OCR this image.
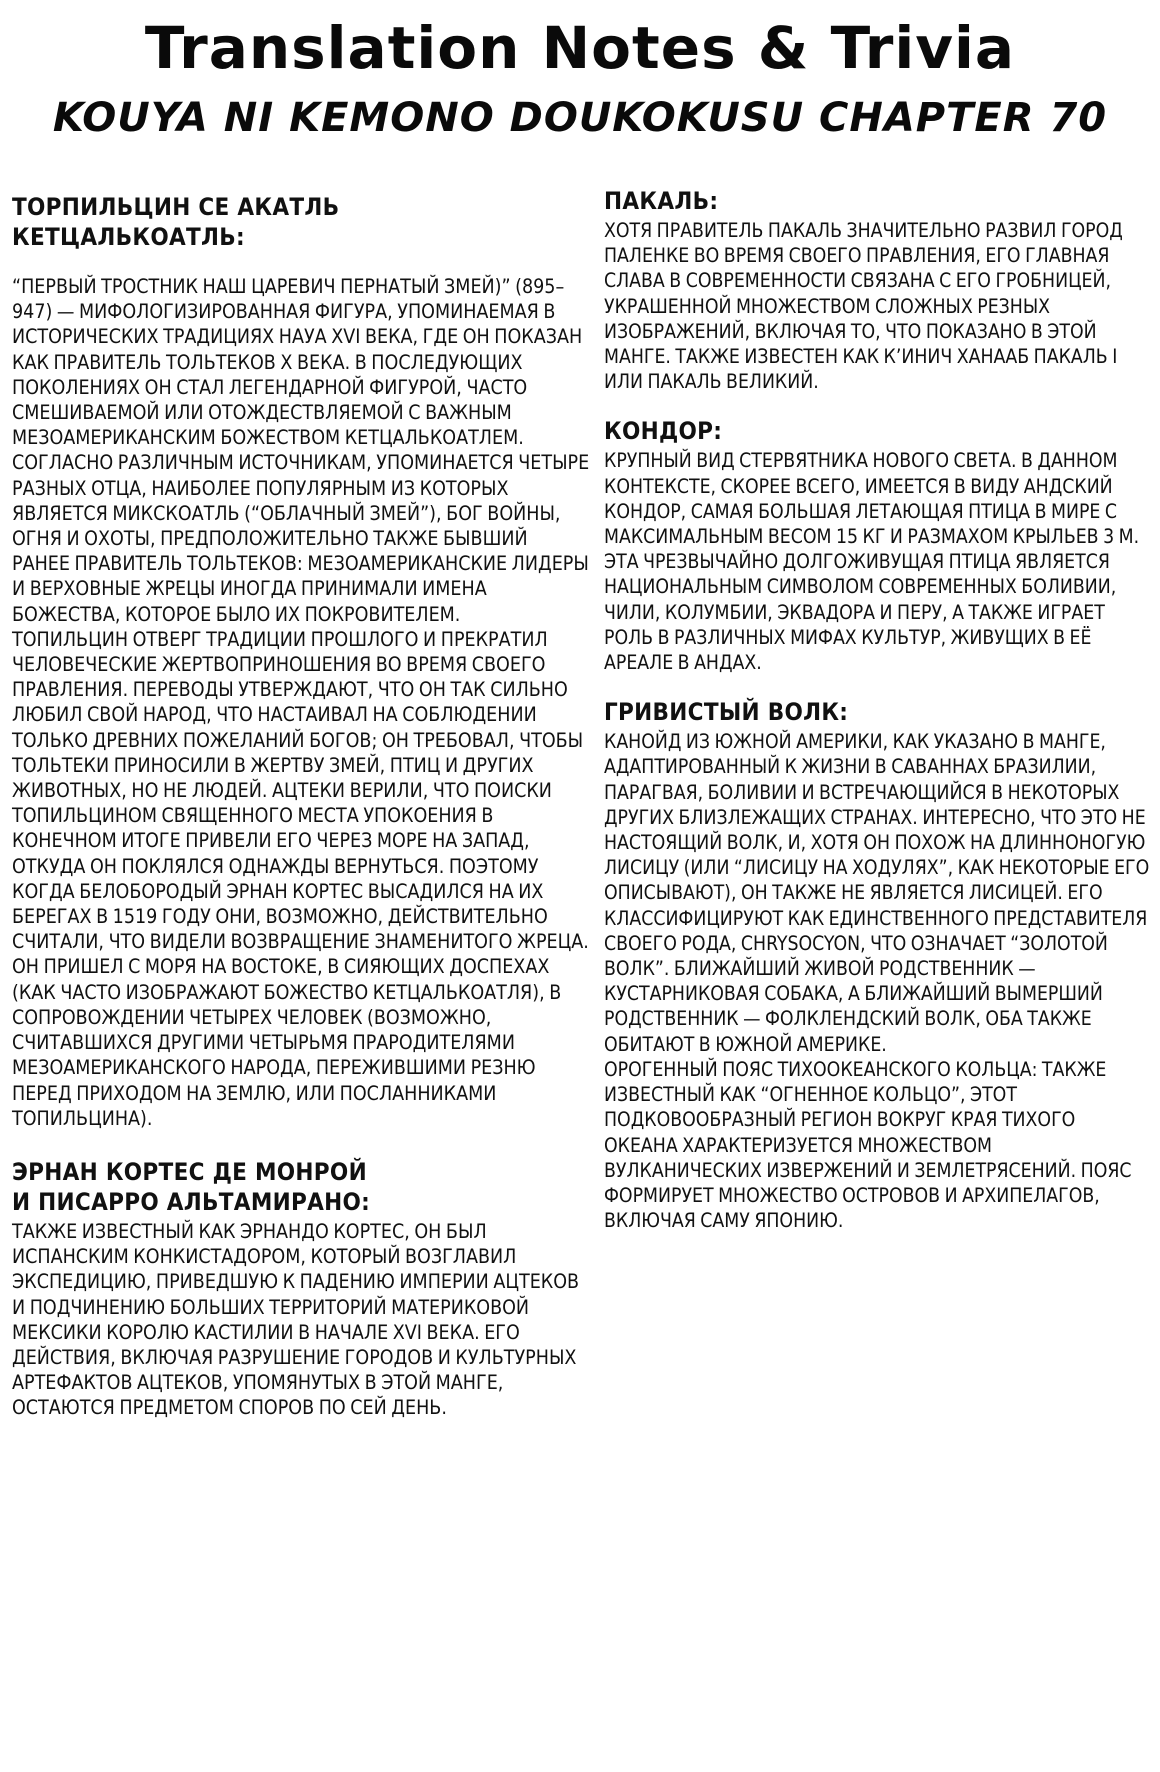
Translation Notes & Trivia
KOUYA NI KEMONO DOUKOKUSU CHAPTER 70
ТОРПИЛЬЦИН СЕ АКАТЛЬ
КЕТЦАЛЬКОАТЛЬ:

“ПЕРВЫЙ ТРОСТНИК НАШ ЦАРЕВИЧ ПЕРНАТЫЙ ЗМЕЙ)” (895–947) — МИФОЛОГИЗИРОВАННАЯ ФИГУРА, УПОМИНАЕМАЯ В ИСТОРИЧЕСКИХ ТРАДИЦИЯХ НАУА XVI ВЕКА, ГДЕ ОН ПОКАЗАН КАК ПРАВИТЕЛЬ ТОЛЬТЕКОВ X ВЕКА. В ПОСЛЕДУЮЩИХ ПОКОЛЕНИЯХ ОН СТАЛ ЛЕГЕНДАРНОЙ ФИГУРОЙ, ЧАСТО СМЕШИВАЕМОЙ ИЛИ ОТОЖДЕСТВЛЯЕМОЙ С ВАЖНЫМ МЕЗОАМЕРИКАНСКИМ БОЖЕСТВОМ КЕТЦАЛЬКОАТЛЕМ.

СОГЛАСНО РАЗЛИЧНЫМ ИСТОЧНИКАМ, УПОМИНАЕТСЯ ЧЕТЫРЕ РАЗНЫХ ОТЦА, НАИБОЛЕЕ ПОПУЛЯРНЫМ ИЗ КОТОРЫХ ЯВЛЯЕТСЯ МИКСКОАТЛЬ (“ОБЛАЧНЫЙ ЗМЕЙ”), БОГ ВОЙНЫ, ОГНЯ И ОХОТЫ, ПРЕДПОЛОЖИТЕЛЬНО ТАКЖЕ БЫВШИЙ РАНЕЕ ПРАВИТЕЛЬ ТОЛЬТЕКОВ: МЕЗОАМЕРИКАНСКИЕ ЛИДЕРЫ И ВЕРХОВНЫЕ ЖРЕЦЫ ИНОГДА ПРИНИМАЛИ ИМЕНА БОЖЕСТВА, КОТОРОЕ БЫЛО ИХ ПОКРОВИТЕЛЕМ.

ТОПИЛЬЦИН ОТВЕРГ ТРАДИЦИИ ПРОШЛОГО И ПРЕКРАТИЛ ЧЕЛОВЕЧЕСКИЕ ЖЕРТВОПРИНОШЕНИЯ ВО ВРЕМЯ СВОЕГО ПРАВЛЕНИЯ. ПЕРЕВОДЫ УТВЕРЖДАЮТ, ЧТО ОН ТАК СИЛЬНО ЛЮБИЛ СВОЙ НАРОД, ЧТО НАСТАИВАЛ НА СОБЛЮДЕНИИ ТОЛЬКО ДРЕВНИХ ПОЖЕЛАНИЙ БОГОВ; ОН ТРЕБОВАЛ, ЧТОБЫ ТОЛЬТЕКИ ПРИНОСИЛИ В ЖЕРТВУ ЗМЕЙ, ПТИЦ И ДРУГИХ ЖИВОТНЫХ, НО НЕ ЛЮДЕЙ. АЦТЕКИ ВЕРИЛИ, ЧТО ПОИСКИ ТОПИЛЬЦИНОМ СВЯЩЕННОГО МЕСТА УПОКОЕНИЯ В КОНЕЧНОМ ИТОГЕ ПРИВЕЛИ ЕГО ЧЕРЕЗ МОРЕ НА ЗАПАД, ОТКУДА ОН ПОКЛЯЛСЯ ОДНАЖДЫ ВЕРНУТЬСЯ. ПОЭТОМУ КОГДА БЕЛОБОРОДЫЙ ЭРНАН КОРТЕС ВЫСАДИЛСЯ НА ИХ БЕРЕГАХ В 1519 ГОДУ ОНИ, ВОЗМОЖНО, ДЕЙСТВИТЕЛЬНО СЧИТАЛИ, ЧТО ВИДЕЛИ ВОЗВРАЩЕНИЕ ЗНАМЕНИТОГО ЖРЕЦА. ОН ПРИШЕЛ С МОРЯ НА ВОСТОКЕ, В СИЯЮЩИХ ДОСПЕХАХ (КАК ЧАСТО ИЗОБРАЖАЮТ БОЖЕСТВО КЕТЦАЛЬКОАТЛЯ), В СОПРОВОЖДЕНИИ ЧЕТЫРЕХ ЧЕЛОВЕК (ВОЗМОЖНО, СЧИТАВШИХСЯ ДРУГИМИ ЧЕТЫРЬМЯ ПРАРОДИТЕЛЯМИ МЕЗОАМЕРИКАНСКОГО НАРОДА, ПЕРЕЖИВШИМИ РЕЗНЮ ПЕРЕД ПРИХОДОМ НА ЗЕМЛЮ, ИЛИ ПОСЛАННИКАМИ ТОПИЛЬЦИНА).

ЭРНАН КОРТЕС ДЕ МОНРОЙ
И ПИСАРРО АЛЬТАМИРАНО:

ТАКЖЕ ИЗВЕСТНЫЙ КАК ЭРНАНДО КОРТЕС, ОН БЫЛ ИСПАНСКИМ КОНКИСТАДОРОМ, КОТОРЫЙ ВОЗГЛАВИЛ ЭКСПЕДИЦИЮ, ПРИВЕДШУЮ К ПАДЕНИЮ ИМПЕРИИ АЦТЕКОВ И ПОДЧИНЕНИЮ БОЛЬШИХ ТЕРРИТОРИЙ МАТЕРИКОВОЙ МЕКСИКИ КОРОЛЮ КАСТИЛИИ В НАЧАЛЕ XVI ВЕКА. ЕГО ДЕЙСТВИЯ, ВКЛЮЧАЯ РАЗРУШЕНИЕ ГОРОДОВ И КУЛЬТУРНЫХ АРТЕФАКТОВ АЦТЕКОВ, УПОМЯНУТЫХ В ЭТОЙ МАНГЕ, ОСТАЮТСЯ ПРЕДМЕТОМ СПОРОВ ПО СЕЙ ДЕНЬ.

ПАКАЛЬ:

ХОТЯ ПРАВИТЕЛЬ ПАКАЛЬ ЗНАЧИТЕЛЬНО РАЗВИЛ ГОРОД ПАЛЕНКЕ ВО ВРЕМЯ СВОЕГО ПРАВЛЕНИЯ, ЕГО ГЛАВНАЯ СЛАВА В СОВРЕМЕННОСТИ СВЯЗАНА С ЕГО ГРОБНИЦЕЙ, УКРАШЕННОЙ МНОЖЕСТВОМ СЛОЖНЫХ РЕЗНЫХ ИЗОБРАЖЕНИЙ, ВКЛЮЧАЯ ТО, ЧТО ПОКАЗАНО В ЭТОЙ МАНГЕ. ТАКЖЕ ИЗВЕСТЕН КАК К’ИНИЧ ХАНААБ ПАКАЛЬ I ИЛИ ПАКАЛЬ ВЕЛИКИЙ.

КОНДОР:

КРУПНЫЙ ВИД СТЕРВЯТНИКА НОВОГО СВЕТА. В ДАННОМ КОНТЕКСТЕ, СКОРЕЕ ВСЕГО, ИМЕЕТСЯ В ВИДУ АНДСКИЙ КОНДОР, САМАЯ БОЛЬШАЯ ЛЕТАЮЩАЯ ПТИЦА В МИРЕ С МАКСИМАЛЬНЫМ ВЕСОМ 15 КГ И РАЗМАХОМ КРЫЛЬЕВ 3 М. ЭТА ЧРЕЗВЫЧАЙНО ДОЛГОЖИВУЩАЯ ПТИЦА ЯВЛЯЕТСЯ НАЦИОНАЛЬНЫМ СИМВОЛОМ СОВРЕМЕННЫХ БОЛИВИИ, ЧИЛИ, КОЛУМБИИ, ЭКВАДОРА И ПЕРУ, А ТАКЖЕ ИГРАЕТ РОЛЬ В РАЗЛИЧНЫХ МИФАХ КУЛЬТУР, ЖИВУЩИХ В ЕЁ АРЕАЛЕ В АНДАХ.

ГРИВИСТЫЙ ВОЛК:

КАНОЙД ИЗ ЮЖНОЙ АМЕРИКИ, КАК УКАЗАНО В МАНГЕ, АДАПТИРОВАННЫЙ К ЖИЗНИ В САВАННАХ БРАЗИЛИИ, ПАРАГВАЯ, БОЛИВИИ И ВСТРЕЧАЮЩИЙСЯ В НЕКОТОРЫХ ДРУГИХ БЛИЗЛЕЖАЩИХ СТРАНАХ. ИНТЕРЕСНО, ЧТО ЭТО НЕ НАСТОЯЩИЙ ВОЛК, И, ХОТЯ ОН ПОХОЖ НА ДЛИННОНОГУЮ ЛИСИЦУ (ИЛИ “ЛИСИЦУ НА ХОДУЛЯХ”, КАК НЕКОТОРЫЕ ЕГО ОПИСЫВАЮТ), ОН ТАКЖЕ НЕ ЯВЛЯЕТСЯ ЛИСИЦЕЙ. ЕГО КЛАССИФИЦИРУЮТ КАК ЕДИНСТВЕННОГО ПРЕДСТАВИТЕЛЯ СВОЕГО РОДА, CHRYSOCYON, ЧТО ОЗНАЧАЕТ “ЗОЛОТОЙ ВОЛК”. БЛИЖАЙШИЙ ЖИВОЙ РОДСТВЕННИК — КУСТАРНИКОВАЯ СОБАКА, А БЛИЖАЙШИЙ ВЫМЕРШИЙ РОДСТВЕННИК — ФОЛКЛЕНДСКИЙ ВОЛК, ОБА ТАКЖЕ ОБИТАЮТ В ЮЖНОЙ АМЕРИКЕ.

ОРОГЕННЫЙ ПОЯС ТИХООКЕАНСКОГО КОЛЬЦА: ТАКЖЕ ИЗВЕСТНЫЙ КАК “ОГНЕННОЕ КОЛЬЦО”, ЭТОТ ПОДКОВООБРАЗНЫЙ РЕГИОН ВОКРУГ КРАЯ ТИХОГО ОКЕАНА ХАРАКТЕРИЗУЕТСЯ МНОЖЕСТВОМ ВУЛКАНИЧЕСКИХ ИЗВЕРЖЕНИЙ И ЗЕМЛЕТРЯСЕНИЙ. ПОЯС ФОРМИРУЕТ МНОЖЕСТВО ОСТРОВОВ И АРХИПЕЛАГОВ, ВКЛЮЧАЯ САМУ ЯПОНИЮ.
